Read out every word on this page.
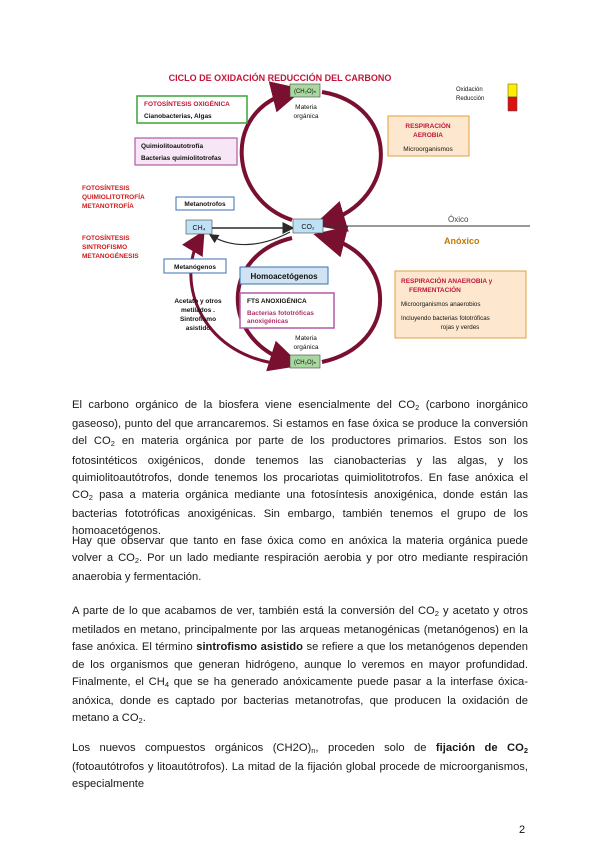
CICLO DE OXIDACIÓN REDUCCIÓN DEL CARBONO
Oxidación
Reducción
Óxico
Anóxico
(CH₂O)ₙ
Materia
orgánica
CO₂
CH₄
Materia
orgánica
(CH₂O)ₙ
FOTOSÍNTESIS OXIGÉNICA
Cianobacterias, Algas
Quimiolitoautotrofía
Bacterias quimiolitotrofas
RESPIRACIÓN
AEROBIA
Microorganismos
FOTOSÍNTESIS
QUIMIOLITOTROFÍA
METANOTROFÍA
FOTOSÍNTESIS
SINTROFISMO
METANOGÉNESIS
Metanotrofos
Metanógenos
Homoacetógenos
FTS ANOXIGÉNICA
Bacterias fototróficas
anoxigénicas
Acetato y otros
metilados .
Sintrofismo
asistido
RESPIRACIÓN ANAEROBIA y
FERMENTACIÓN
Microorganismos anaerobios
Incluyendo bacterias fototróficas
rojas y verdes

El carbono orgánico de la biosfera viene esencialmente del $CO_2$ (carbono inorgánico gaseoso), punto del que arrancaremos. Si estamos en fase óxica se produce la conversión del $CO_2$ en materia orgánica por parte de los productores primarios. Estos son los fotosintéticos oxigénicos, donde tenemos las cianobacterias y las algas, y los quimiolitoautótrofos, donde tenemos los procariotas quimiolitotrofos. En fase anóxica el $CO_2$ pasa a materia orgánica mediante una fotosíntesis anoxigénica, donde están las bacterias fototróficas anoxigénicas. Sin embargo, también tenemos el grupo de los homoacetógenos.

Hay que observar que tanto en fase óxica como en anóxica la materia orgánica puede volver a $CO_2$. Por un lado mediante respiración aerobia y por otro mediante respiración anaerobia y fermentación.

A parte de lo que acabamos de ver, también está la conversión del $CO_2$ y acetato y otros metilados en metano, principalmente por las arqueas metanogénicas (metanógenos) en la fase anóxica. El término sintrofismo asistido se refiere a que los metanógenos dependen de los organismos que generan hidrógeno, aunque lo veremos en mayor profundidad. Finalmente, el $CH_4$ que se ha generado anóxicamente puede pasar a la interfase óxica-anóxica, donde es captado por bacterias metanotrofas, que producen la oxidación de metano a $CO_2$.

Los nuevos compuestos orgánicos $(CH2O)_n$, proceden solo de fijación de $CO_2$ (fotoautótrofos y litoautótrofos). La mitad de la fijación global procede de microorganismos, especialmente

2
